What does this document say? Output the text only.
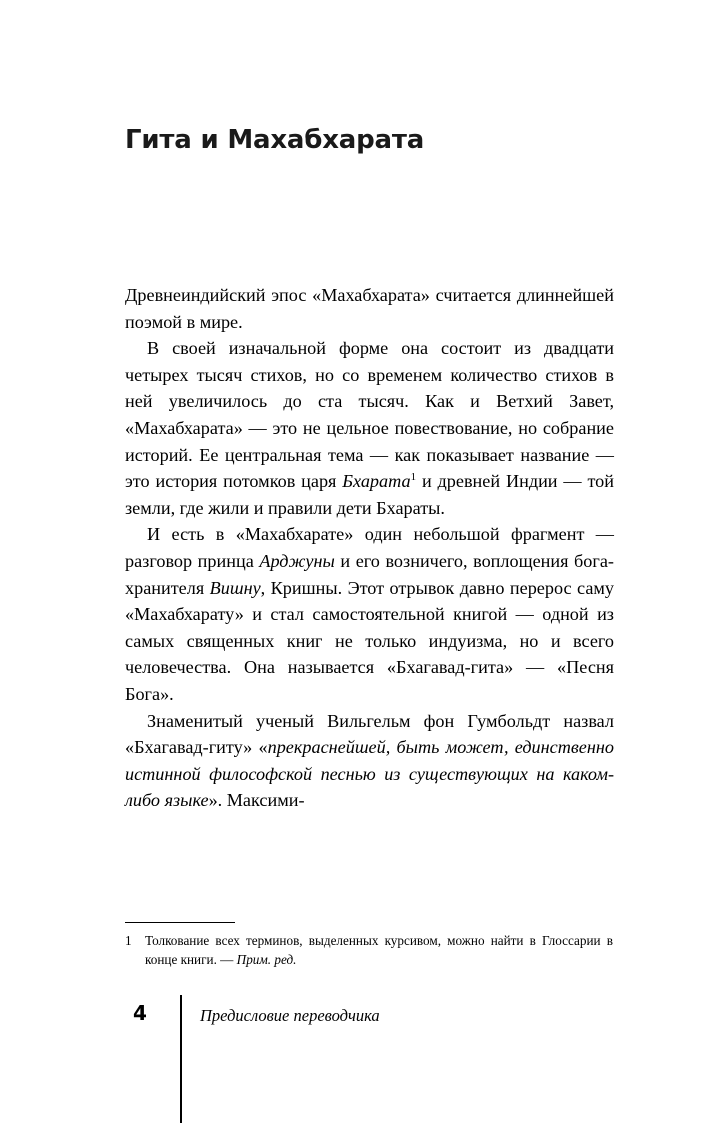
Гита и Махабхарата

Древнеиндийский эпос «Махабхарата» считается длиннейшей поэмой в мире.

В своей изначальной форме она состоит из двадцати четырех тысяч стихов, но со временем количество стихов в ней увеличилось до ста тысяч. Как и Ветхий Завет, «Махабхарата» — это не цельное повествование, но собрание историй. Ее центральная тема — как показывает название — это история потомков царя Бхарата$^1$ и древней Индии — той земли, где жили и правили дети Бхараты.

И есть в «Махабхарате» один небольшой фрагмент — разговор принца Арджуны и его возничего, воплощения бога-хранителя Вишну, Кришны. Этот отрывок давно перерос саму «Махабхарату» и стал самостоятельной книгой — одной из самых священных книг не только индуизма, но и всего человечества. Она называется «Бхагавад-гита» — «Песня Бога».

Знаменитый ученый Вильгельм фон Гумбольдт назвал «Бхагавад-гиту» «прекраснейшей, быть может, единственно истинной философской песнью из существующих на каком-либо языке». Максими-

1 Толкование всех терминов, выделенных курсивом, можно найти в Глоссарии в конце книги. — Прим. ред.
4	Предисловие переводчика
